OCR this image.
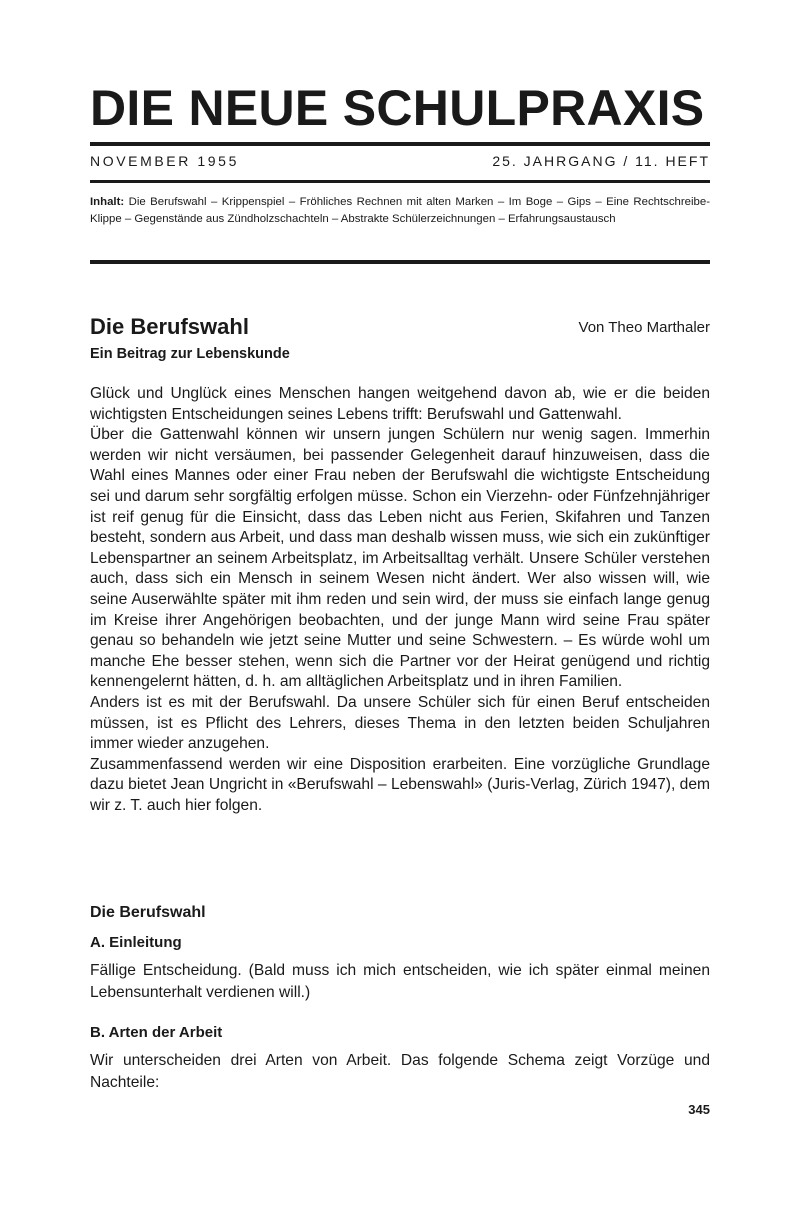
DIE NEUE SCHULPRAXIS
NOVEMBER 1955	25. JAHRGANG / 11. HEFT
Inhalt: Die Berufswahl – Krippenspiel – Fröhliches Rechnen mit alten Marken – Im Boge – Gips – Eine Rechtschreibe-Klippe – Gegenstände aus Zündholzschachteln – Abstrakte Schülerzeichnungen – Erfahrungsaustausch
Die Berufswahl	Von Theo Marthaler
Ein Beitrag zur Lebenskunde

Glück und Unglück eines Menschen hangen weitgehend davon ab, wie er die beiden wichtigsten Entscheidungen seines Lebens trifft: Berufswahl und Gattenwahl.

Über die Gattenwahl können wir unsern jungen Schülern nur wenig sagen. Immerhin werden wir nicht versäumen, bei passender Gelegenheit darauf hinzuweisen, dass die Wahl eines Mannes oder einer Frau neben der Berufswahl die wichtigste Entscheidung sei und darum sehr sorgfältig erfolgen müsse. Schon ein Vierzehn- oder Fünfzehnjähriger ist reif genug für die Einsicht, dass das Leben nicht aus Ferien, Skifahren und Tanzen besteht, sondern aus Arbeit, und dass man deshalb wissen muss, wie sich ein zukünftiger Lebenspartner an seinem Arbeitsplatz, im Arbeitsalltag verhält. Unsere Schüler verstehen auch, dass sich ein Mensch in seinem Wesen nicht ändert. Wer also wissen will, wie seine Auserwählte später mit ihm reden und sein wird, der muss sie einfach lange genug im Kreise ihrer Angehörigen beobachten, und der junge Mann wird seine Frau später genau so behandeln wie jetzt seine Mutter und seine Schwestern. – Es würde wohl um manche Ehe besser stehen, wenn sich die Partner vor der Heirat genügend und richtig kennengelernt hätten, d. h. am alltäglichen Arbeitsplatz und in ihren Familien.

Anders ist es mit der Berufswahl. Da unsere Schüler sich für einen Beruf entscheiden müssen, ist es Pflicht des Lehrers, dieses Thema in den letzten beiden Schuljahren immer wieder anzugehen.

Zusammenfassend werden wir eine Disposition erarbeiten. Eine vorzügliche Grundlage dazu bietet Jean Ungricht in «Berufswahl – Lebenswahl» (Juris-Verlag, Zürich 1947), dem wir z. T. auch hier folgen.

Die Berufswahl
A. Einleitung
Fällige Entscheidung. (Bald muss ich mich entscheiden, wie ich später einmal meinen Lebensunterhalt verdienen will.)
B. Arten der Arbeit
Wir unterscheiden drei Arten von Arbeit. Das folgende Schema zeigt Vorzüge und Nachteile:
345
